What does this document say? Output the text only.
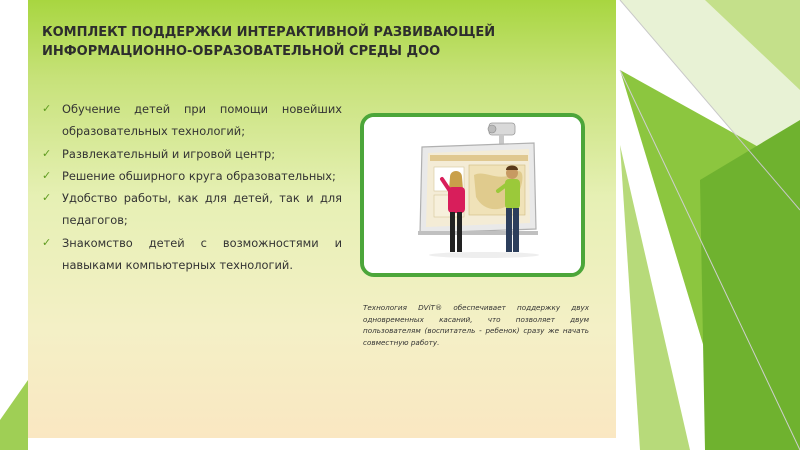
КОМПЛЕКТ ПОДДЕРЖКИ ИНТЕРАКТИВНОЙ РАЗВИВАЮЩЕЙ
ИНФОРМАЦИОННО-ОБРАЗОВАТЕЛЬНОЙ СРЕДЫ ДОО
✓ Обучение детей при помощи новейших образовательных технологий;
✓ Развлекательный и игровой центр;
✓ Решение обширного круга образовательных;
✓ Удобство работы, как для детей, так и для педагогов;
✓ Знакомство детей с возможностями и навыками компьютерных технологий.
Технология DViT® обеспечивает поддержку двух одновременных касаний, что позволяет двум пользователям (воспитатель - ребенок) сразу же начать совместную работу.
